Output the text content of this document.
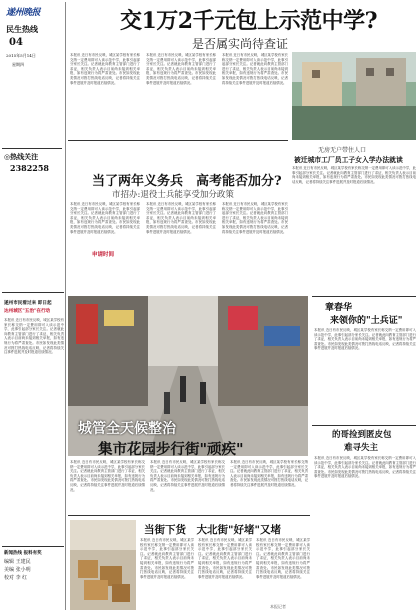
遂州晚报
民生热线
04
2015年5月14日
星期四
◎热线关注
2382258
遂州市民看过来 即日起
达州城区"五治"在行动
本报讯 近日有市民反映，城区某学校有家长称交纳一定费用即可入读示范中学，此事引起部分家长关注。记者就此向教育主管部门进行了求证，相关负责人表示目前尚未接到相关举报，如有违规行为将严肃查处。市民如发现此类情况可拨打热线电话反映，记者将持续关注事件进展并及时报道后续情况。
新闻热线 报料有奖
编辑 王建民
美编 张小明
校对 李 红
交1万2千元包上示范中学?
是否属实尚待查证
本报讯 近日有市民反映，城区某学校有家长称交纳一定费用即可入读示范中学，此事引起部分家长关注。记者就此向教育主管部门进行了求证，相关负责人表示目前尚未接到相关举报，如有违规行为将严肃查处。市民如发现此类情况可拨打热线电话反映，记者将持续关注事件进展并及时报道后续情况。
本报讯 近日有市民反映，城区某学校有家长称交纳一定费用即可入读示范中学，此事引起部分家长关注。记者就此向教育主管部门进行了求证，相关负责人表示目前尚未接到相关举报，如有违规行为将严肃查处。市民如发现此类情况可拨打热线电话反映，记者将持续关注事件进展并及时报道后续情况。
本报讯 近日有市民反映，城区某学校有家长称交纳一定费用即可入读示范中学，此事引起部分家长关注。记者就此向教育主管部门进行了求证，相关负责人表示目前尚未接到相关举报，如有违规行为将严肃查处。市民如发现此类情况可拨打热线电话反映，记者将持续关注事件进展并及时报道后续情况。
无房无户带住人口
被迁城市工厂员工子女入学办法就读
本报讯 近日有市民反映，城区某学校有家长称交纳一定费用即可入读示范中学，此事引起部分家长关注。记者就此向教育主管部门进行了求证，相关负责人表示目前尚未接到相关举报，如有违规行为将严肃查处。市民如发现此类情况可拨打热线电话反映，记者将持续关注事件进展并及时报道后续情况。
当了两年义务兵　高考能否加分?
市招办:退役士兵能享受加分政策
本报讯 近日有市民反映，城区某学校有家长称交纳一定费用即可入读示范中学，此事引起部分家长关注。记者就此向教育主管部门进行了求证，相关负责人表示目前尚未接到相关举报，如有违规行为将严肃查处。市民如发现此类情况可拨打热线电话反映，记者将持续关注事件进展并及时报道后续情况。
申请时间
本报讯 近日有市民反映，城区某学校有家长称交纳一定费用即可入读示范中学，此事引起部分家长关注。记者就此向教育主管部门进行了求证，相关负责人表示目前尚未接到相关举报，如有违规行为将严肃查处。市民如发现此类情况可拨打热线电话反映，记者将持续关注事件进展并及时报道后续情况。
本报讯 近日有市民反映，城区某学校有家长称交纳一定费用即可入读示范中学，此事引起部分家长关注。记者就此向教育主管部门进行了求证，相关负责人表示目前尚未接到相关举报，如有违规行为将严肃查处。市民如发现此类情况可拨打热线电话反映，记者将持续关注事件进展并及时报道后续情况。
城管全天候整治
集市花园步行街"顽疾"
章春华
来领你的"土兵证"
本报讯 近日有市民反映，城区某学校有家长称交纳一定费用即可入读示范中学，此事引起部分家长关注。记者就此向教育主管部门进行了求证，相关负责人表示目前尚未接到相关举报，如有违规行为将严肃查处。市民如发现此类情况可拨打热线电话反映，记者将持续关注事件进展并及时报道后续情况。
的哥捡到匿皮包
难寻失主
本报讯 近日有市民反映，城区某学校有家长称交纳一定费用即可入读示范中学，此事引起部分家长关注。记者就此向教育主管部门进行了求证，相关负责人表示目前尚未接到相关举报，如有违规行为将严肃查处。市民如发现此类情况可拨打热线电话反映，记者将持续关注事件进展并及时报道后续情况。
本报讯 近日有市民反映，城区某学校有家长称交纳一定费用即可入读示范中学，此事引起部分家长关注。记者就此向教育主管部门进行了求证，相关负责人表示目前尚未接到相关举报，如有违规行为将严肃查处。市民如发现此类情况可拨打热线电话反映，记者将持续关注事件进展并及时报道后续情况。
本报讯 近日有市民反映，城区某学校有家长称交纳一定费用即可入读示范中学，此事引起部分家长关注。记者就此向教育主管部门进行了求证，相关负责人表示目前尚未接到相关举报，如有违规行为将严肃查处。市民如发现此类情况可拨打热线电话反映，记者将持续关注事件进展并及时报道后续情况。
本报讯 近日有市民反映，城区某学校有家长称交纳一定费用即可入读示范中学，此事引起部分家长关注。记者就此向教育主管部门进行了求证，相关负责人表示目前尚未接到相关举报，如有违规行为将严肃查处。市民如发现此类情况可拨打热线电话反映，记者将持续关注事件进展并及时报道后续情况。
当街下货　大北街"好堵"又堵
本报讯 近日有市民反映，城区某学校有家长称交纳一定费用即可入读示范中学，此事引起部分家长关注。记者就此向教育主管部门进行了求证，相关负责人表示目前尚未接到相关举报，如有违规行为将严肃查处。市民如发现此类情况可拨打热线电话反映，记者将持续关注事件进展并及时报道后续情况。
本报讯 近日有市民反映，城区某学校有家长称交纳一定费用即可入读示范中学，此事引起部分家长关注。记者就此向教育主管部门进行了求证，相关负责人表示目前尚未接到相关举报，如有违规行为将严肃查处。市民如发现此类情况可拨打热线电话反映，记者将持续关注事件进展并及时报道后续情况。
本报讯 近日有市民反映，城区某学校有家长称交纳一定费用即可入读示范中学，此事引起部分家长关注。记者就此向教育主管部门进行了求证，相关负责人表示目前尚未接到相关举报，如有违规行为将严肃查处。市民如发现此类情况可拨打热线电话反映，记者将持续关注事件进展并及时报道后续情况。
本报记者
